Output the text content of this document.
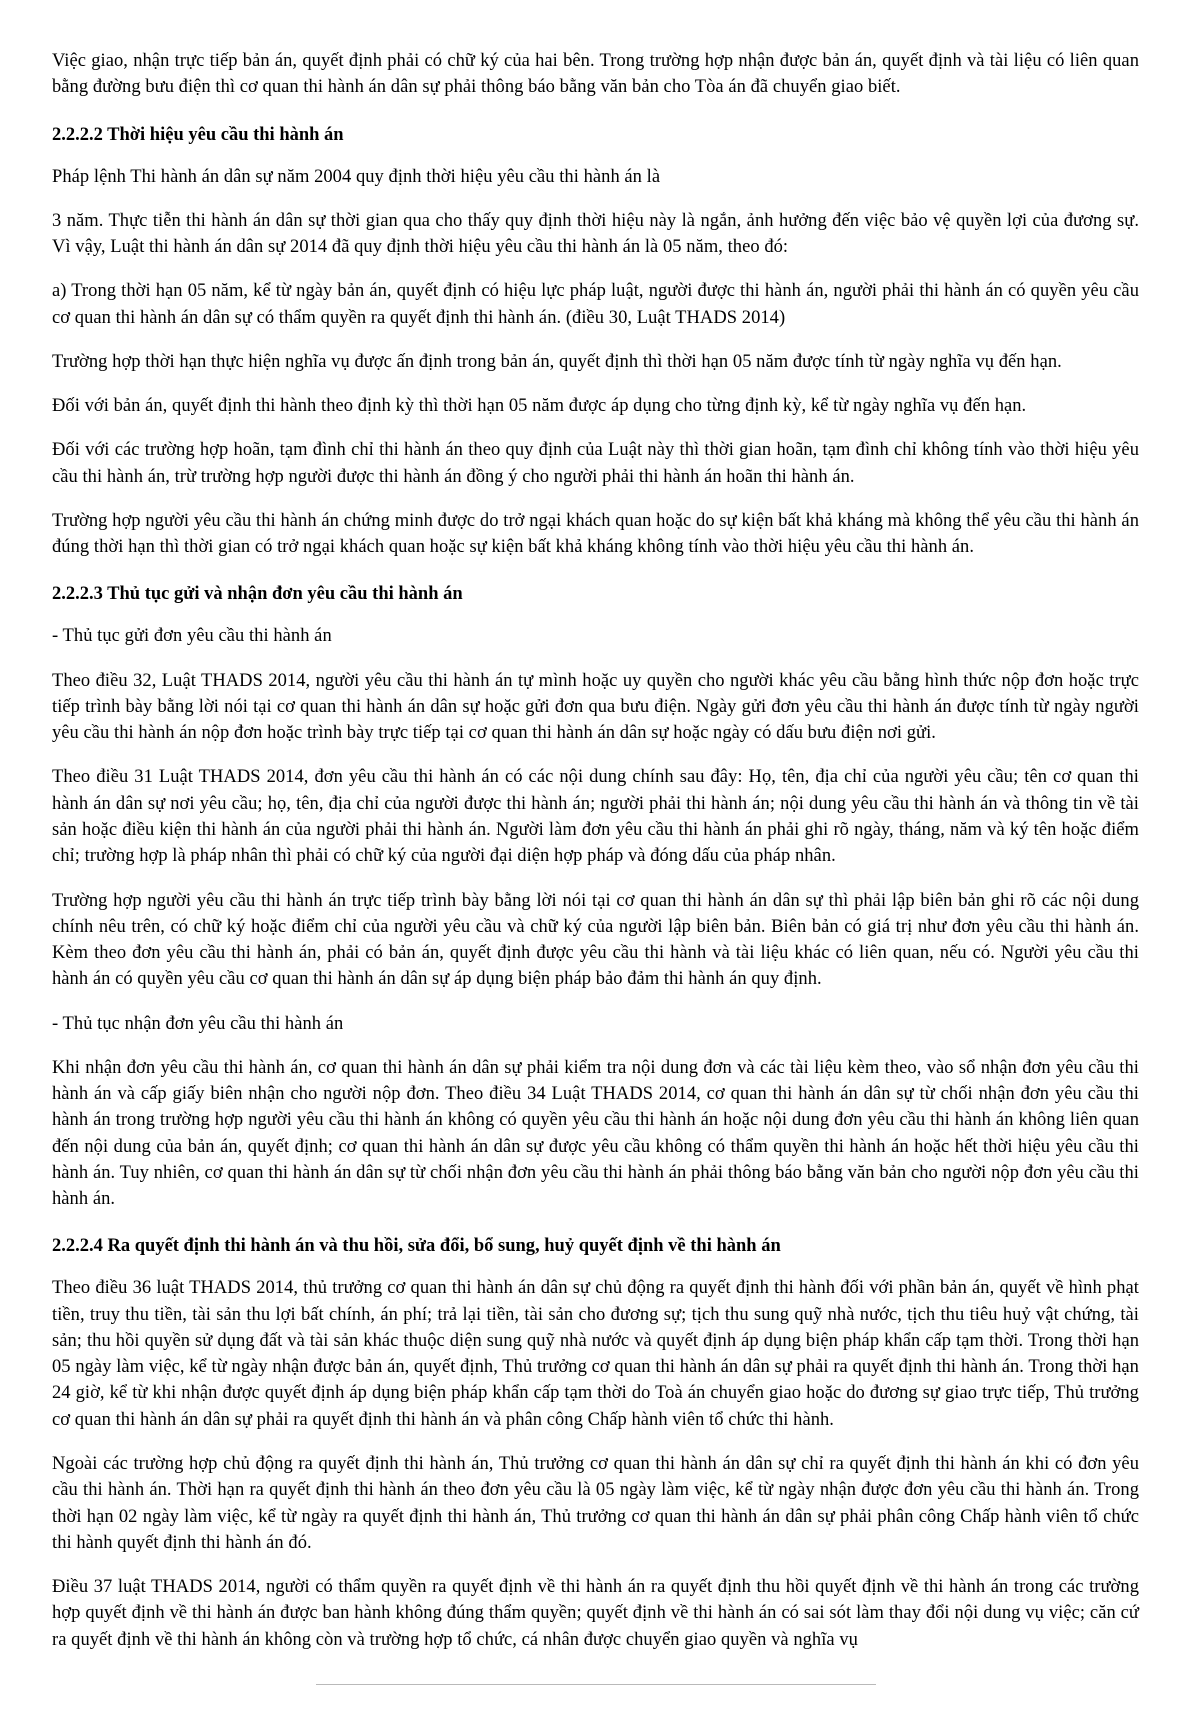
Việc giao, nhận trực tiếp bản án, quyết định phải có chữ ký của hai bên. Trong trường hợp nhận được bản án, quyết định và tài liệu có liên quan bằng đường bưu điện thì cơ quan thi hành án dân sự phải thông báo bằng văn bản cho Tòa án đã chuyển giao biết.

2.2.2.2 Thời hiệu yêu cầu thi hành án

Pháp lệnh Thi hành án dân sự năm 2004 quy định thời hiệu yêu cầu thi hành án là

3 năm. Thực tiễn thi hành án dân sự thời gian qua cho thấy quy định thời hiệu này là ngắn, ảnh hưởng đến việc bảo vệ quyền lợi của đương sự. Vì vậy, Luật thi hành án dân sự 2014 đã quy định thời hiệu yêu cầu thi hành án là 05 năm, theo đó:

a) Trong thời hạn 05 năm, kể từ ngày bản án, quyết định có hiệu lực pháp luật, người được thi hành án, người phải thi hành án có quyền yêu cầu cơ quan thi hành án dân sự có thẩm quyền ra quyết định thi hành án. (điều 30, Luật THADS 2014)

Trường hợp thời hạn thực hiện nghĩa vụ được ấn định trong bản án, quyết định thì thời hạn 05 năm được tính từ ngày nghĩa vụ đến hạn.

Đối với bản án, quyết định thi hành theo định kỳ thì thời hạn 05 năm được áp dụng cho từng định kỳ, kể từ ngày nghĩa vụ đến hạn.

Đối với các trường hợp hoãn, tạm đình chỉ thi hành án theo quy định của Luật này thì thời gian hoãn, tạm đình chỉ không tính vào thời hiệu yêu cầu thi hành án, trừ trường hợp người được thi hành án đồng ý cho người phải thi hành án hoãn thi hành án.

Trường hợp người yêu cầu thi hành án chứng minh được do trở ngại khách quan hoặc do sự kiện bất khả kháng mà không thể yêu cầu thi hành án đúng thời hạn thì thời gian có trở ngại khách quan hoặc sự kiện bất khả kháng không tính vào thời hiệu yêu cầu thi hành án.

2.2.2.3 Thủ tục gửi và nhận đơn yêu cầu thi hành án

- Thủ tục gửi đơn yêu cầu thi hành án

Theo điều 32, Luật THADS 2014, người yêu cầu thi hành án tự mình hoặc uy quyền cho người khác yêu cầu bằng hình thức nộp đơn hoặc trực tiếp trình bày bằng lời nói tại cơ quan thi hành án dân sự hoặc gửi đơn qua bưu điện. Ngày gửi đơn yêu cầu thi hành án được tính từ ngày người yêu cầu thi hành án nộp đơn hoặc trình bày trực tiếp tại cơ quan thi hành án dân sự hoặc ngày có dấu bưu điện nơi gửi.

Theo điều 31 Luật THADS 2014, đơn yêu cầu thi hành án có các nội dung chính sau đây: Họ, tên, địa chỉ của người yêu cầu; tên cơ quan thi hành án dân sự nơi yêu cầu; họ, tên, địa chỉ của người được thi hành án; người phải thi hành án; nội dung yêu cầu thi hành án và thông tin về tài sản hoặc điều kiện thi hành án của người phải thi hành án. Người làm đơn yêu cầu thi hành án phải ghi rõ ngày, tháng, năm và ký tên hoặc điểm chỉ; trường hợp là pháp nhân thì phải có chữ ký của người đại diện hợp pháp và đóng dấu của pháp nhân.

Trường hợp người yêu cầu thi hành án trực tiếp trình bày bằng lời nói tại cơ quan thi hành án dân sự thì phải lập biên bản ghi rõ các nội dung chính nêu trên, có chữ ký hoặc điểm chỉ của người yêu cầu và chữ ký của người lập biên bản. Biên bản có giá trị như đơn yêu cầu thi hành án. Kèm theo đơn yêu cầu thi hành án, phải có bản án, quyết định được yêu cầu thi hành và tài liệu khác có liên quan, nếu có. Người yêu cầu thi hành án có quyền yêu cầu cơ quan thi hành án dân sự áp dụng biện pháp bảo đảm thi hành án quy định.

- Thủ tục nhận đơn yêu cầu thi hành án

Khi nhận đơn yêu cầu thi hành án, cơ quan thi hành án dân sự phải kiểm tra nội dung đơn và các tài liệu kèm theo, vào sổ nhận đơn yêu cầu thi hành án và cấp giấy biên nhận cho người nộp đơn. Theo điều 34 Luật THADS 2014, cơ quan thi hành án dân sự từ chối nhận đơn yêu cầu thi hành án trong trường hợp người yêu cầu thi hành án không có quyền yêu cầu thi hành án hoặc nội dung đơn yêu cầu thi hành án không liên quan đến nội dung của bản án, quyết định; cơ quan thi hành án dân sự được yêu cầu không có thẩm quyền thi hành án hoặc hết thời hiệu yêu cầu thi hành án. Tuy nhiên, cơ quan thi hành án dân sự từ chối nhận đơn yêu cầu thi hành án phải thông báo bằng văn bản cho người nộp đơn yêu cầu thi hành án.

2.2.2.4 Ra quyết định thi hành án và thu hồi, sửa đổi, bổ sung, huỷ quyết định về thi hành án

Theo điều 36 luật THADS 2014, thủ trưởng cơ quan thi hành án dân sự chủ động ra quyết định thi hành đối với phần bản án, quyết về hình phạt tiền, truy thu tiền, tài sản thu lợi bất chính, án phí; trả lại tiền, tài sản cho đương sự; tịch thu sung quỹ nhà nước, tịch thu tiêu huỷ vật chứng, tài sản; thu hồi quyền sử dụng đất và tài sản khác thuộc diện sung quỹ nhà nước và quyết định áp dụng biện pháp khẩn cấp tạm thời. Trong thời hạn 05 ngày làm việc, kể từ ngày nhận được bản án, quyết định, Thủ trưởng cơ quan thi hành án dân sự phải ra quyết định thi hành án. Trong thời hạn 24 giờ, kể từ khi nhận được quyết định áp dụng biện pháp khẩn cấp tạm thời do Toà án chuyển giao hoặc do đương sự giao trực tiếp, Thủ trưởng cơ quan thi hành án dân sự phải ra quyết định thi hành án và phân công Chấp hành viên tổ chức thi hành.

Ngoài các trường hợp chủ động ra quyết định thi hành án, Thủ trưởng cơ quan thi hành án dân sự chỉ ra quyết định thi hành án khi có đơn yêu cầu thi hành án. Thời hạn ra quyết định thi hành án theo đơn yêu cầu là 05 ngày làm việc, kể từ ngày nhận được đơn yêu cầu thi hành án. Trong thời hạn 02 ngày làm việc, kể từ ngày ra quyết định thi hành án, Thủ trưởng cơ quan thi hành án dân sự phải phân công Chấp hành viên tổ chức thi hành quyết định thi hành án đó.

Điều 37 luật THADS 2014, người có thẩm quyền ra quyết định về thi hành án ra quyết định thu hồi quyết định về thi hành án trong các trường hợp quyết định về thi hành án được ban hành không đúng thẩm quyền; quyết định về thi hành án có sai sót làm thay đổi nội dung vụ việc; căn cứ ra quyết định về thi hành án không còn và trường hợp tổ chức, cá nhân được chuyển giao quyền và nghĩa vụ
